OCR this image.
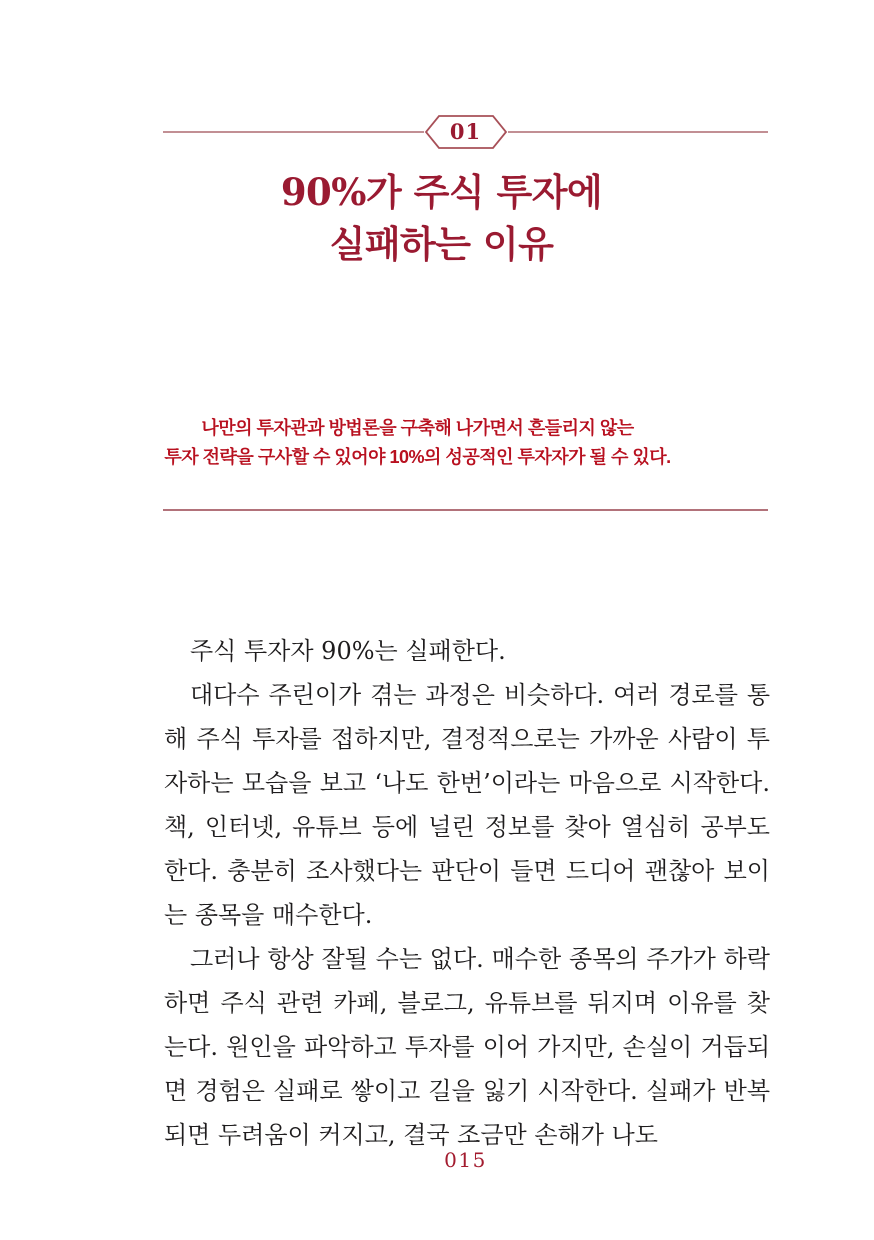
01
90%가 주식 투자에
실패하는 이유

나만의 투자관과 방법론을 구축해 나가면서 흔들리지 않는
투자 전략을 구사할 수 있어야 10%의 성공적인 투자자가 될 수 있다.

주식 투자자 90%는 실패한다.

대다수 주린이가 겪는 과정은 비슷하다. 여러 경로를 통해 주식 투자를 접하지만, 결정적으로는 가까운 사람이 투자하는 모습을 보고 ‘나도 한번’이라는 마음으로 시작한다. 책, 인터넷, 유튜브 등에 널린 정보를 찾아 열심히 공부도 한다. 충분히 조사했다는 판단이 들면 드디어 괜찮아 보이는 종목을 매수한다.

그러나 항상 잘될 수는 없다. 매수한 종목의 주가가 하락하면 주식 관련 카페, 블로그, 유튜브를 뒤지며 이유를 찾는다. 원인을 파악하고 투자를 이어 가지만, 손실이 거듭되면 경험은 실패로 쌓이고 길을 잃기 시작한다. 실패가 반복되면 두려움이 커지고, 결국 조금만 손해가 나도

015
